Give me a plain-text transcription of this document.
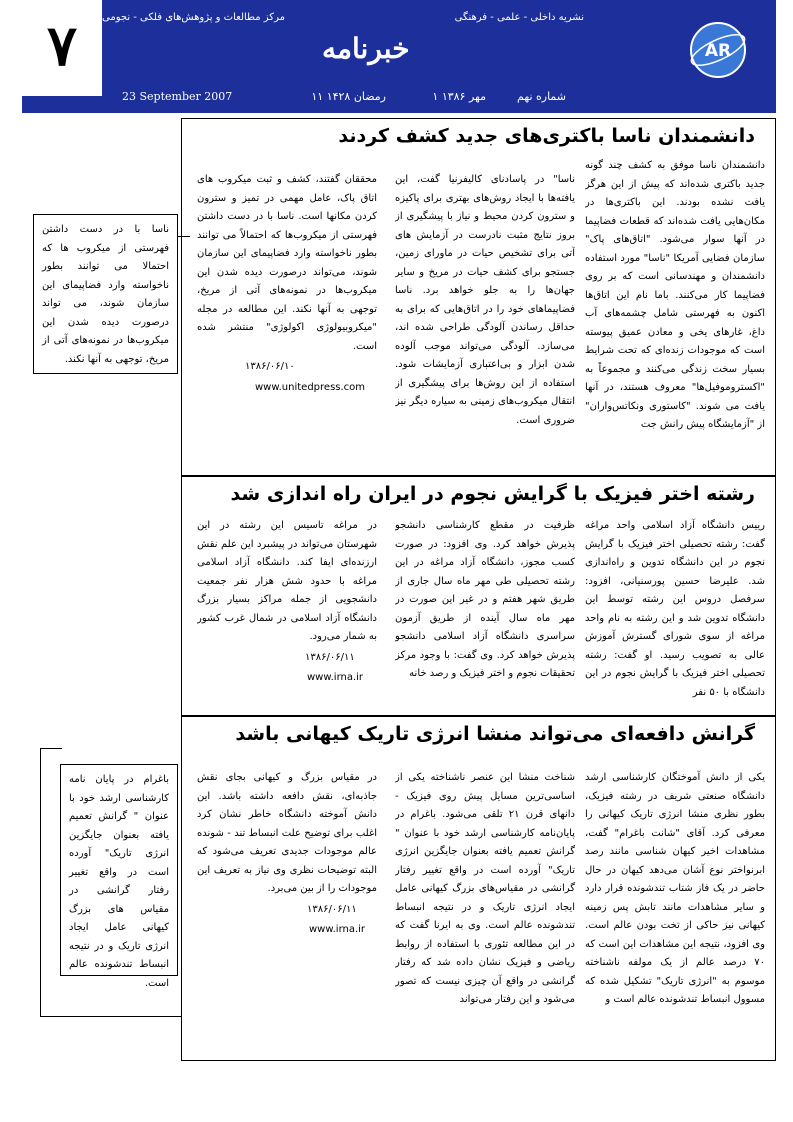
AR
نشریه داخلی - علمی - فرهنگی
مرکز مطالعات و پژوهش‌های فلکی - نجومی
خبرنامه
شماره نهم
۱ مهر ۱۳۸۶
۱۱ رمضان ۱۴۲۸
23 September 2007
۷
دانشمندان ناسا باکتری‌های جدید کشف کردند

دانشمندان ناسا موفق به کشف چند گونه جدید باکتری شده‌اند که پیش از این هرگز یافت نشده بودند. این باکتری‌ها در مکان‌هایی یافت شده‌اند که قطعات فضاپیما در آنها سوار می‌شود. "اتاق‌های پاک" سازمان فضایی آمریکا "ناسا" مورد استفاده دانشمندان و مهندسانی است که بر روی فضاپیما کار می‌کنند. باما نام این اتاق‌ها اکنون به فهرستی شامل چشمه‌های آب داغ، غارهای یخی و معادن عمیق پیوسته است که موجودات زنده‌ای که تحت شرایط بسیار سخت زندگی می‌کنند و مجموعاً به "اکستروموفیل‌ها" معروف هستند، در آنها یافت می شوند. "کاستوری ونکاتس‌واران" از "آزمایشگاه پیش رانش جت

ناسا" در پاسادنای کالیفرنیا گفت، این یافته‌ها با ایجاد روش‌های بهتری برای پاکیزه و سترون کردن محیط و نیاز با پیشگیری از بروز نتایج مثبت نادرست در آزمایش های آتی برای تشخیص حیات در ماورای زمین، جستجو برای کشف حیات در مریخ و سایر جهان‌ها را به جلو خواهد برد. ناسا فضاپیماهای خود را در اتاق‌هایی که برای به حداقل رساندن آلودگی طراحی شده اند، می‌سازد. آلودگی می‌تواند موجب آلوده شدن ابزار و بی‌اعتباری آزمایشات شود. استفاده از این روش‌ها برای پیشگیری از انتقال میکروب‌های زمینی به سیاره دیگر نیز ضروری است.

محققان گفتند، کشف و ثبت میکروب های اتاق پاک، عامل مهمی در تمیز و سترون کردن مکانها است. ناسا با در دست داشتن فهرستی از میکروب‌ها که احتمالاً می توانند بطور ناخواسته وارد فضاپیمای این سازمان شوند، می‌تواند درصورت دیده شدن این میکروب‌ها در نمونه‌های آتی از مریخ، توجهی به آنها نکند. این مطالعه در مجله "میکروبیولوژی اکولوژی" منتشر شده است.

۱۳۸۶/۰۶/۱۰
www.unitedpress.com
ناسا با در دست داشتن فهرستی از میکروب ها که احتمالا می توانند بطور ناخواسته وارد فضاپیمای این سازمان شوند، می تواند درصورت دیده شدن این میکروب‌ها در نمونه‌های آتی از مریخ، توجهی به آنها نکند.
رشته اختر فیزیک با گرایش نجوم در ایران راه اندازی شد

رییس دانشگاه آزاد اسلامی واحد مراغه گفت: رشته تحصیلی اختر فیزیک با گرایش نجوم در این دانشگاه تدوین و راه‌اندازی شد. علیرضا حسین پورسنیانی، افزود: سرفصل دروس این رشته توسط این دانشگاه تدوین شد و این رشته به نام واحد مراغه از سوی شورای گسترش آموزش عالی به تصویب رسید. او گفت: رشته تحصیلی اختر فیزیک با گرایش نجوم در این دانشگاه با ۵۰ نفر

ظرفیت در مقطع کارشناسی دانشجو پذیرش خواهد کرد. وی افزود: در صورت کسب مجوز، دانشگاه آزاد مراغه در این رشته تحصیلی طی مهر ماه سال جاری از طریق شهر هفتم و در غیر این صورت در مهر ماه سال آینده از طریق آزمون سراسری دانشگاه آزاد اسلامی دانشجو پذیرش خواهد کرد. وی گفت: با وجود مرکز تحقیقات نجوم و اختر فیزیک و رصد خانه

در مراغه تاسیس این رشته در این شهرستان می‌تواند در پیشبرد این علم نقش ارزنده‌ای ایفا کند. دانشگاه آزاد اسلامی مراغه با حدود شش هزار نفر جمعیت دانشجویی از جمله مراکز بسیار بزرگ دانشگاه آزاد اسلامی در شمال غرب کشور به شمار می‌رود.

۱۳۸۶/۰۶/۱۱
www.irna.ir
گرانش دافعه‌ای می‌تواند منشا انرژی تاریک کیهانی باشد

یکی از دانش آموختگان کارشناسی ارشد دانشگاه صنعتی شریف در رشته فیزیک، بطور نظری منشا انرژی تاریک کیهانی را معرفی کرد. آقای "شانت باغرام" گفت، مشاهدات اخیر کیهان شناسی مانند رصد ابرنواختر نوع آشان می‌دهد کیهان در حال حاضر در یک فاز شتاب تندشونده قرار دارد و سایر مشاهدات مانند تابش پس زمینه کیهانی نیز حاکی از تخت بودن عالم است. وی افزود، نتیجه این مشاهدات این است که ۷۰ درصد عالم از یک مولفه ناشناخته موسوم به "انرژی تاریک" تشکیل شده که مسوول انبساط تندشونده عالم است و

شناخت منشا این عنصر ناشناخته یکی از اساسی‌ترین مسایل پیش روی فیزیک - دانهای قرن ۲۱ تلقی می‌شود. باغرام در پایان‌نامه کارشناسی ارشد خود با عنوان " گرانش تعمیم یافته بعنوان جایگزین انرژی تاریک" آورده است در واقع تغییر رفتار گرانشی در مقیاس‌های بزرگ کیهانی عامل ایجاد انرژی تاریک و در نتیجه انبساط تندشونده عالم است. وی به ایرنا گفت که در این مطالعه تئوری با استفاده از روابط ریاضی و فیزیک نشان داده شد که رفتار گرانشی در واقع آن چیزی نیست که تصور می‌شود و این رفتار می‌تواند

در مقیاس بزرگ و کیهانی بجای نقش جاذبه‌ای، نقش دافعه داشته باشد. این دانش آموخته دانشگاه خاطر نشان کرد اغلب برای توضیح علت انبساط تند - شونده عالم موجودات جدیدی تعریف می‌شود که البته توضیحات نظری وی نیاز به تعریف این موجودات را از بین می‌برد.

۱۳۸۶/۰۶/۱۱
www.irna.ir
باغرام در پایان نامه کارشناسی ارشد خود با عنوان " گرانش تعمیم یافته بعنوان جایگزین انرژی تاریک" آورده است در واقع تغییر رفتار گرانشی در مقیاس های بزرگ کیهانی عامل ایجاد انرژی تاریک و در نتیجه انبساط تندشونده عالم است.
